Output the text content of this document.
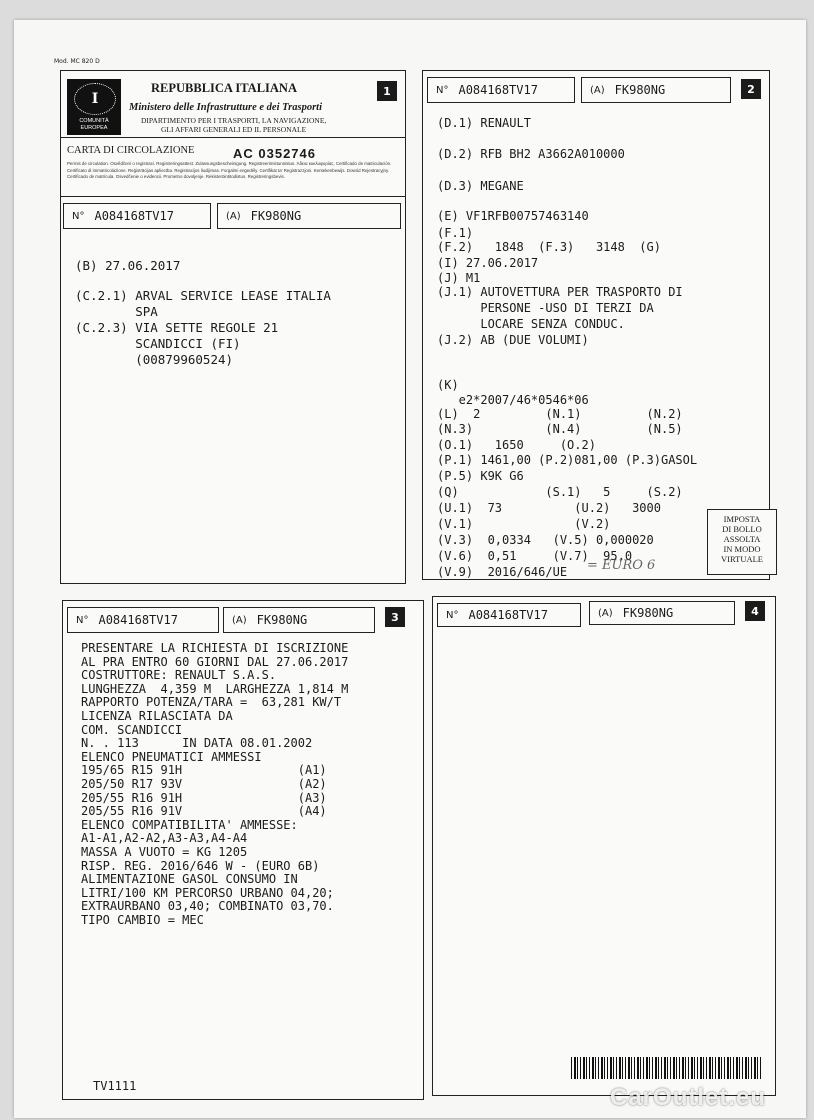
Mod. MC 820 D
1
I
COMUNITÀ EUROPEA
REPUBBLICA ITALIANA
Ministero delle Infrastrutture e dei Trasporti
DIPARTIMENTO PER I TRASPORTI, LA NAVIGAZIONE,
GLI AFFARI GENERALI ED IL PERSONALE
CARTA DI CIRCOLAZIONE	AC 0352746
Permis de circulation. Osvědčení o registraci. Registreringsattest. Zulassungsbescheinigung. Registreerimistunnistus. Άδεια κυκλοφορίας. Certificado de matriculación. Certificato di immatricolazione. Reģistrācijas apliecība. Registracijos liudijimas. Forgalmi engedély. Certifikat ta' Registrazzjoni. Kentekenbewijs. Dowód Rejestracyjny. Certificado de matrícula. Osvedčenie o evidencii. Prometno dovoljenje. Rekisteröintitodistus. Registreringsbevis.
N° A084168TV17	(A) FK980NG
(B) 27.06.2017
(C.2.1) ARVAL SERVICE LEASE ITALIA
SPA
(C.2.3) VIA SETTE REGOLE 21
SCANDICCI (FI)
(00879960524)
2
N° A084168TV17	(A) FK980NG
(D.1) RENAULT
(D.2) RFB BH2 A3662A010000
(D.3) MEGANE
(E) VF1RFB00757463140
(F.1)
(F.2)   1848  (F.3)   3148  (G)
(I) 27.06.2017
(J) M1
(J.1) AUTOVETTURA PER TRASPORTO DI
PERSONE -USO DI TERZI DA
LOCARE SENZA CONDUC.
(J.2) AB (DUE VOLUMI)
(K)
e2*2007/46*0546*06
(L)  2         (N.1)         (N.2)
(N.3)          (N.4)         (N.5)
(O.1)   1650     (O.2)
(P.1) 1461,00 (P.2)081,00 (P.3)GASOL
(P.5) K9K G6
(Q)            (S.1)   5     (S.2)
(U.1)  73          (U.2)   3000
(V.1)              (V.2)
(V.3)  0,0334   (V.5) 0,000020
(V.6)  0,51     (V.7)  95,0
(V.9)  2016/646/UE = EURO 6
IMPOSTA
DI BOLLO
ASSOLTA
IN MODO
VIRTUALE
3
N° A084168TV17	(A) FK980NG
PRESENTARE LA RICHIESTA DI ISCRIZIONE
AL PRA ENTRO 60 GIORNI DAL 27.06.2017
COSTRUTTORE: RENAULT S.A.S.
LUNGHEZZA  4,359 M  LARGHEZZA 1,814 M
RAPPORTO POTENZA/TARA =  63,281 KW/T
LICENZA RILASCIATA DA
COM. SCANDICCI
N. . 113      IN DATA 08.01.2002
ELENCO PNEUMATICI AMMESSI
195/65 R15 91H                (A1)
205/50 R17 93V                (A2)
205/55 R16 91H                (A3)
205/55 R16 91V                (A4)
ELENCO COMPATIBILITA' AMMESSE:
A1-A1,A2-A2,A3-A3,A4-A4
MASSA A VUOTO = KG 1205
RISP. REG. 2016/646 W - (EURO 6B)
ALIMENTAZIONE GASOL CONSUMO IN
LITRI/100 KM PERCORSO URBANO 04,20;
EXTRAURBANO 03,40; COMBINATO 03,70.
TIPO CAMBIO = MEC
TV1111
4
N° A084168TV17	(A) FK980NG
CarOutlet.eu
